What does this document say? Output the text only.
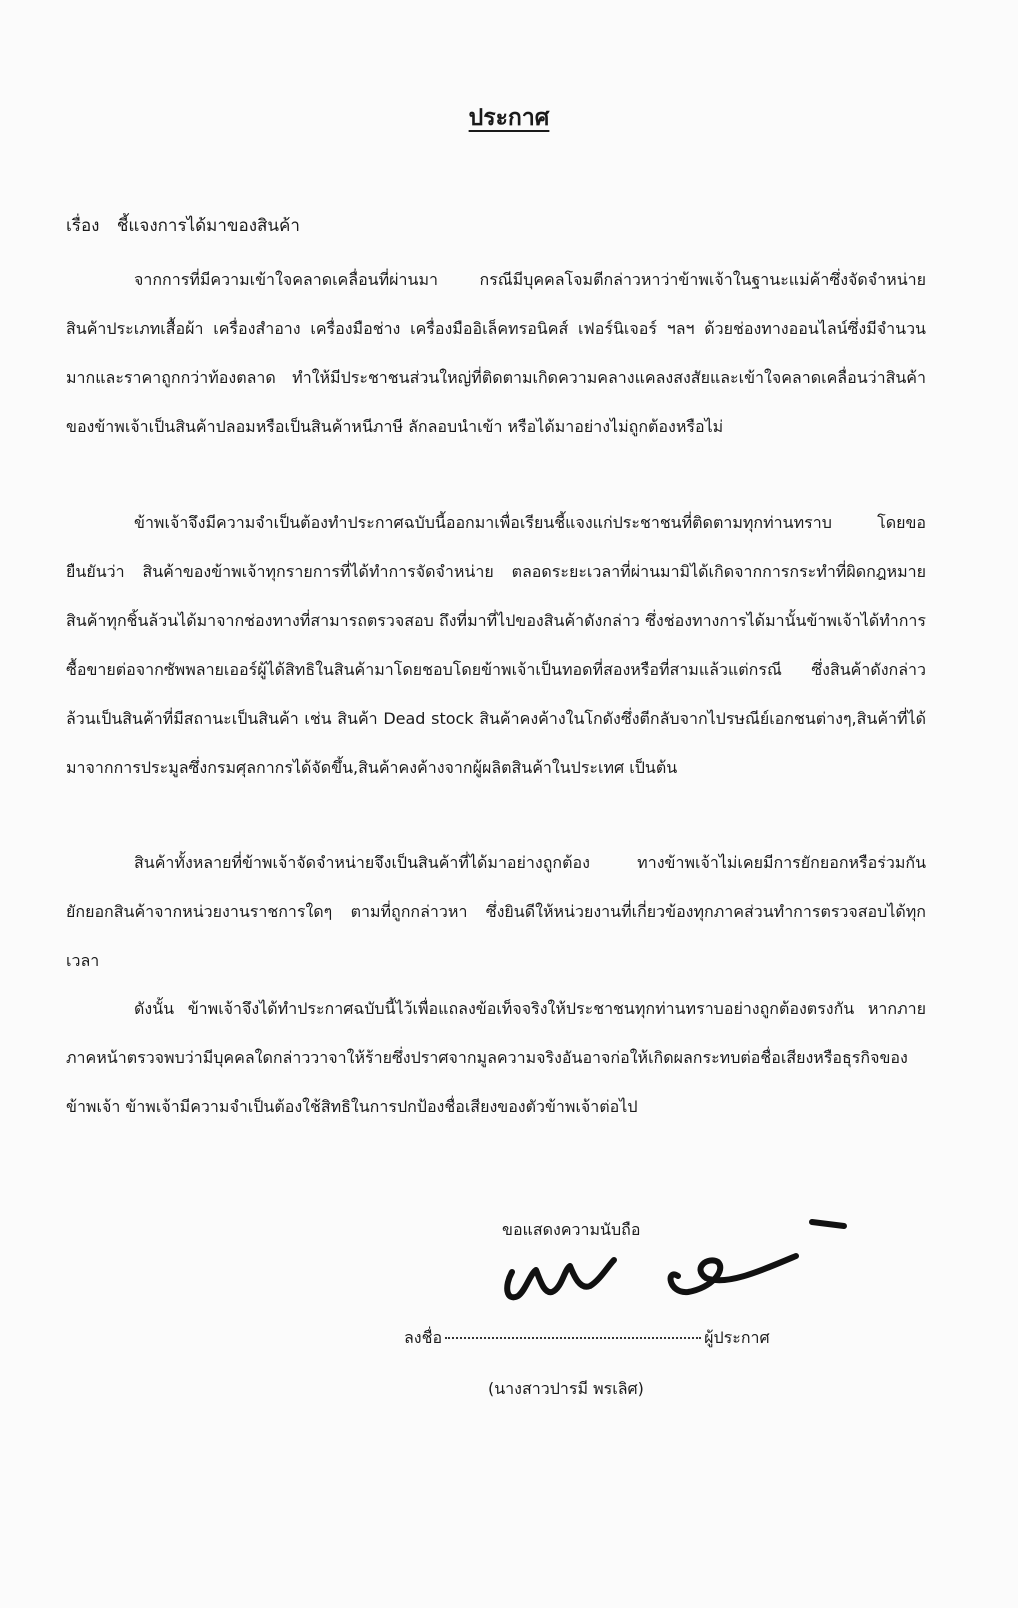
ประกาศ
เรื่อง ชี้แจงการได้มาของสินค้า

จากการที่มีความเข้าใจคลาดเคลื่อนที่ผ่านมา กรณีมีบุคคลโจมตีกล่าวหาว่าข้าพเจ้าในฐานะแม่ค้าซึ่งจัดจำหน่ายสินค้าประเภทเสื้อผ้า เครื่องสำอาง เครื่องมือช่าง เครื่องมืออิเล็คทรอนิคส์ เฟอร์นิเจอร์ ฯลฯ ด้วยช่องทางออนไลน์ซึ่งมีจำนวนมากและราคาถูกกว่าท้องตลาด ทำให้มีประชาชนส่วนใหญ่ที่ติดตามเกิดความคลางแคลงสงสัยและเข้าใจคลาดเคลื่อนว่าสินค้าของข้าพเจ้าเป็นสินค้าปลอมหรือเป็นสินค้าหนีภาษี ลักลอบนำเข้า หรือได้มาอย่างไม่ถูกต้องหรือไม่

ข้าพเจ้าจึงมีความจำเป็นต้องทำประกาศฉบับนี้ออกมาเพื่อเรียนชี้แจงแก่ประชาชนที่ติดตามทุกท่านทราบ โดยขอยืนยันว่า สินค้าของข้าพเจ้าทุกรายการที่ได้ทำการจัดจำหน่าย ตลอดระยะเวลาที่ผ่านมามิได้เกิดจากการกระทำที่ผิดกฎหมาย สินค้าทุกชิ้นล้วนได้มาจากช่องทางที่สามารถตรวจสอบ ถึงที่มาที่ไปของสินค้าดังกล่าว ซึ่งช่องทางการได้มานั้นข้าพเจ้าได้ทำการซื้อขายต่อจากซัพพลายเออร์ผู้ได้สิทธิในสินค้ามาโดยชอบโดยข้าพเจ้าเป็นทอดที่สองหรือที่สามแล้วแต่กรณี ซึ่งสินค้าดังกล่าวล้วนเป็นสินค้าที่มีสถานะเป็นสินค้า เช่น สินค้า Dead stock สินค้าคงค้างในโกดังซึ่งตีกลับจากไปรษณีย์เอกชนต่างๆ,สินค้าที่ได้มาจากการประมูลซึ่งกรมศุลกากรได้จัดขึ้น,สินค้าคงค้างจากผู้ผลิตสินค้าในประเทศ เป็นต้น

สินค้าทั้งหลายที่ข้าพเจ้าจัดจำหน่ายจึงเป็นสินค้าที่ได้มาอย่างถูกต้อง ทางข้าพเจ้าไม่เคยมีการยักยอกหรือร่วมกันยักยอกสินค้าจากหน่วยงานราชการใดๆ ตามที่ถูกกล่าวหา ซึ่งยินดีให้หน่วยงานที่เกี่ยวข้องทุกภาคส่วนทำการตรวจสอบได้ทุกเวลา

ดังนั้น ข้าพเจ้าจึงได้ทำประกาศฉบับนี้ไว้เพื่อแถลงข้อเท็จจริงให้ประชาชนทุกท่านทราบอย่างถูกต้องตรงกัน หากภายภาคหน้าตรวจพบว่ามีบุคคลใดกล่าววาจาให้ร้ายซึ่งปราศจากมูลความจริงอันอาจก่อให้เกิดผลกระทบต่อชื่อเสียงหรือธุรกิจของข้าพเจ้า ข้าพเจ้ามีความจำเป็นต้องใช้สิทธิในการปกป้องชื่อเสียงของตัวข้าพเจ้าต่อไป

ขอแสดงความนับถือ
ลงชื่อ	ผู้ประกาศ
(นางสาวปารมี พรเลิศ)
